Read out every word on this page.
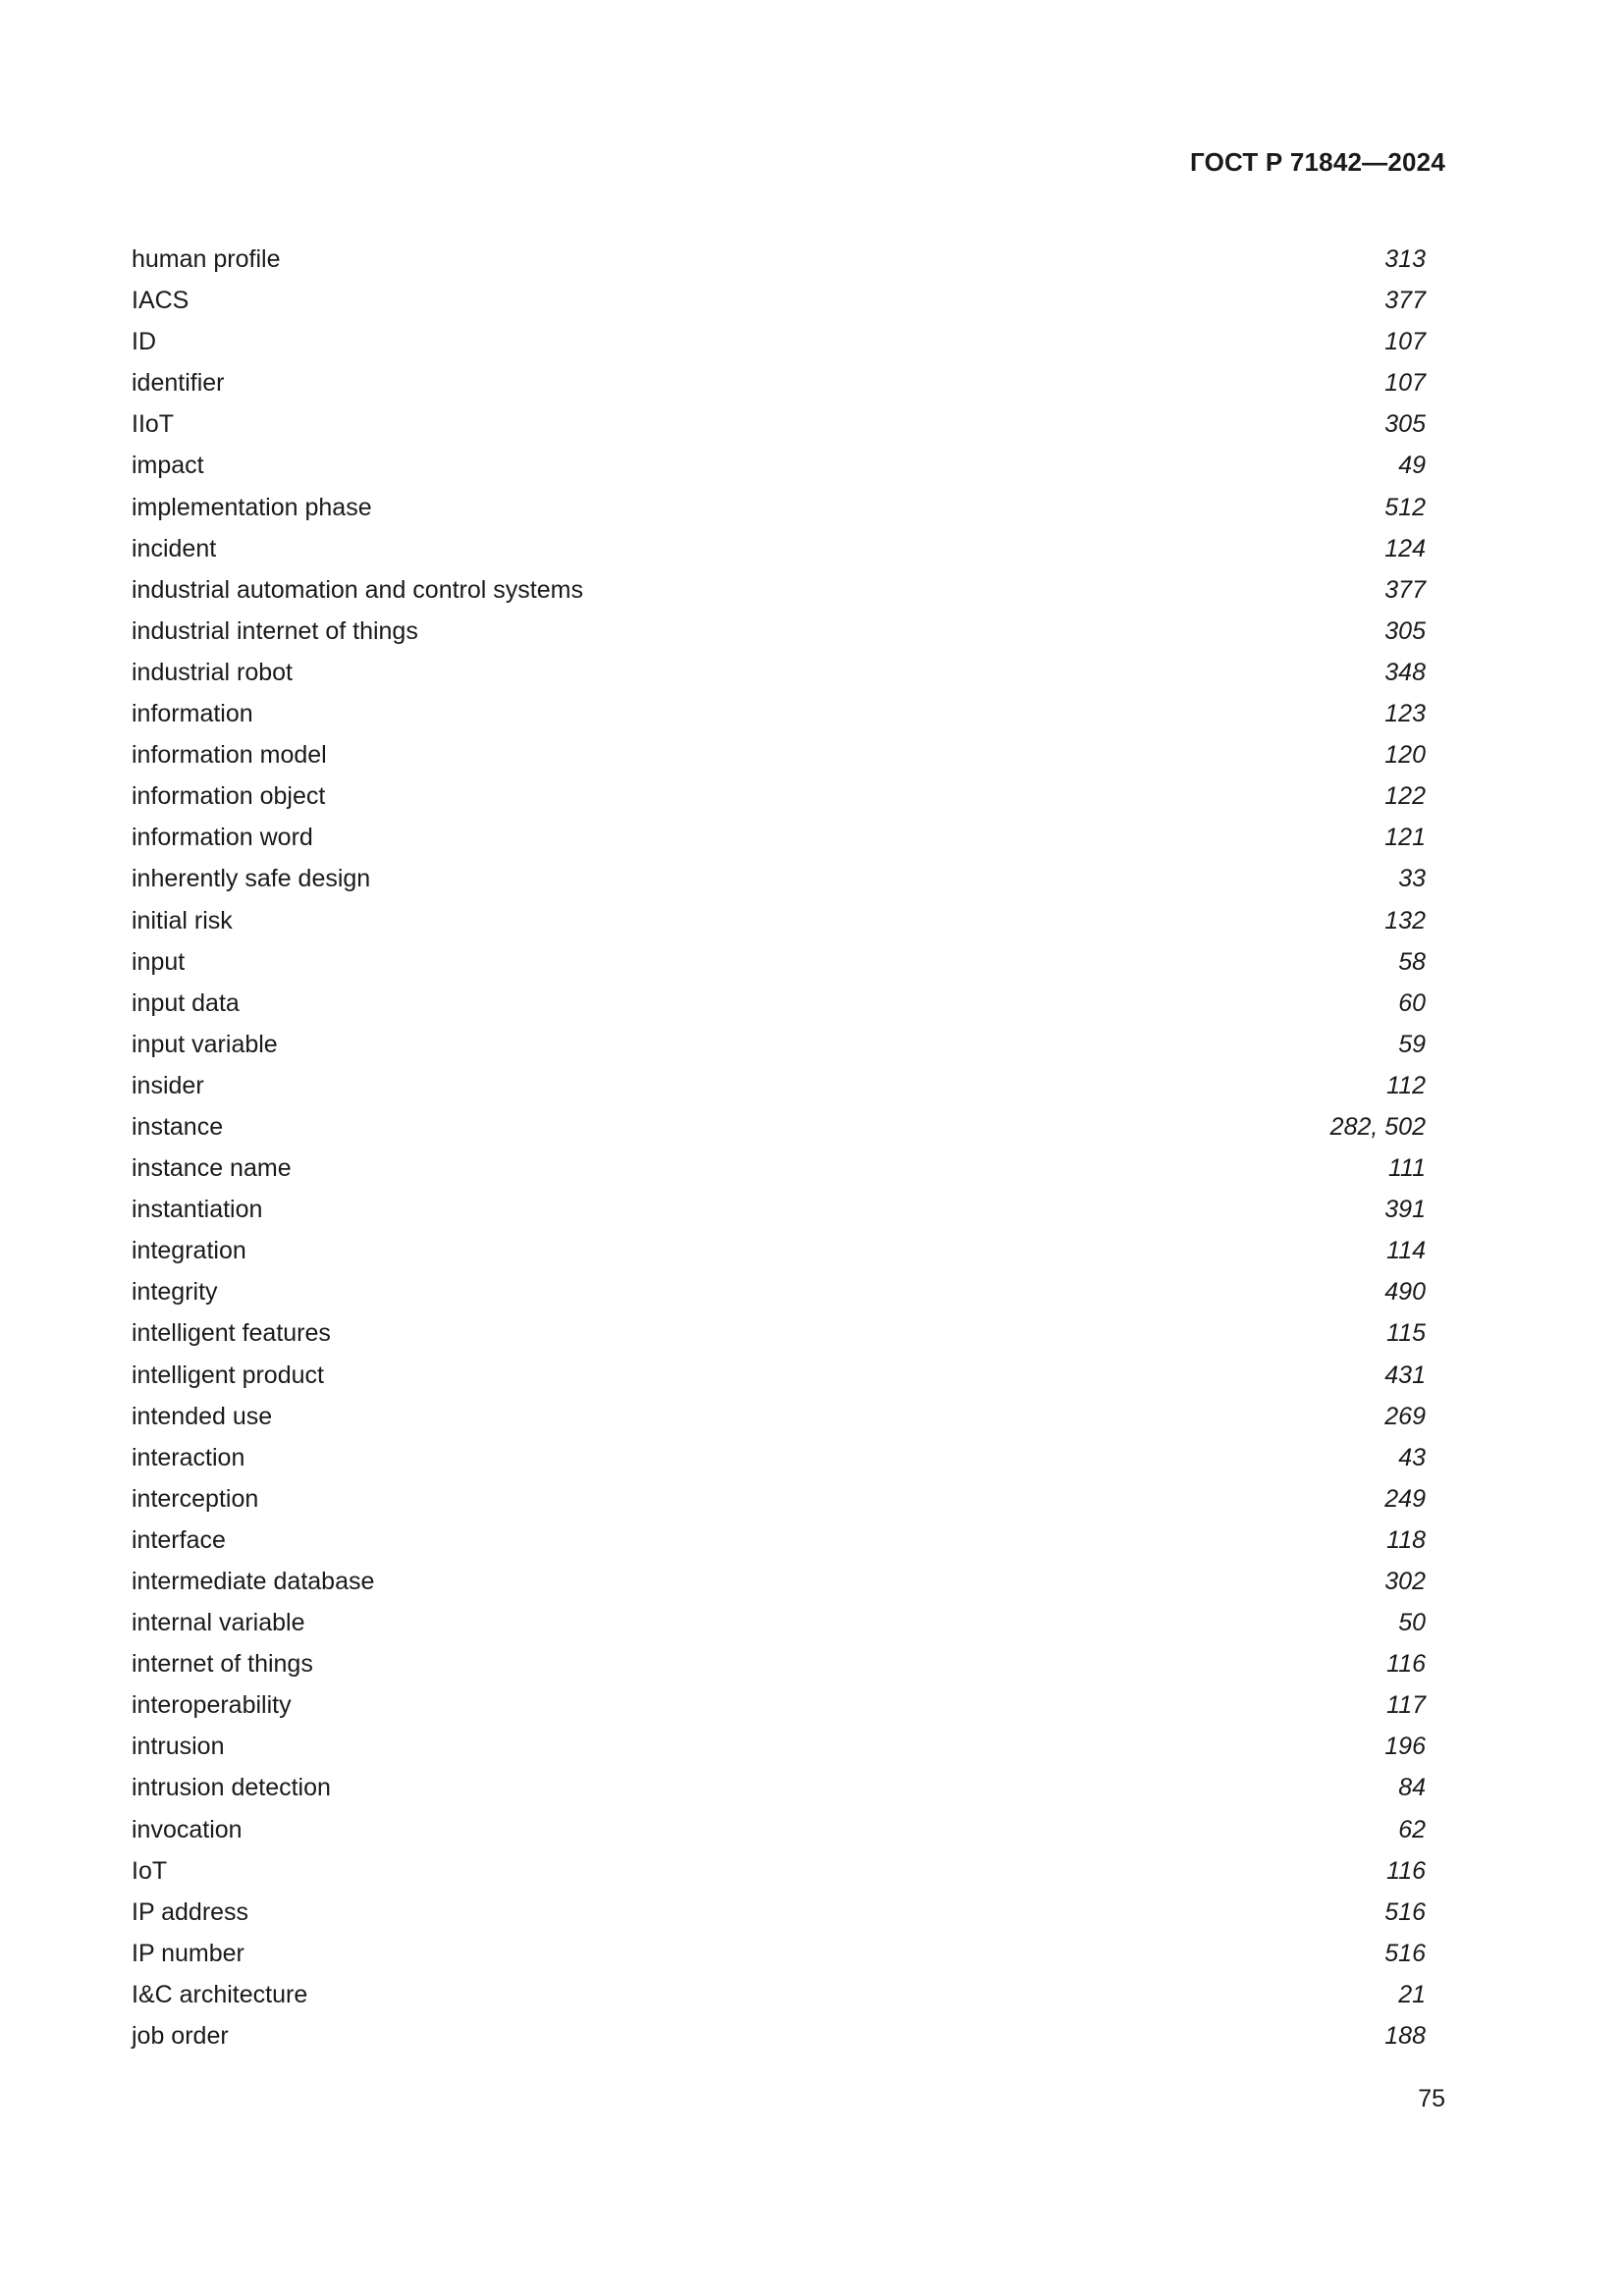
ГОСТ Р 71842—2024
human profile	313
IACS	377
ID	107
identifier	107
IIoT	305
impact	49
implementation phase	512
incident	124
industrial automation and control systems	377
industrial internet of things	305
industrial robot	348
information	123
information model	120
information object	122
information word	121
inherently safe design	33
initial risk	132
input	58
input data	60
input variable	59
insider	112
instance	282, 502
instance name	111
instantiation	391
integration	114
integrity	490
intelligent features	115
intelligent product	431
intended use	269
interaction	43
interception	249
interface	118
intermediate database	302
internal variable	50
internet of things	116
interoperability	117
intrusion	196
intrusion detection	84
invocation	62
IoT	116
IP address	516
IP number	516
I&C architecture	21
job order	188
75
